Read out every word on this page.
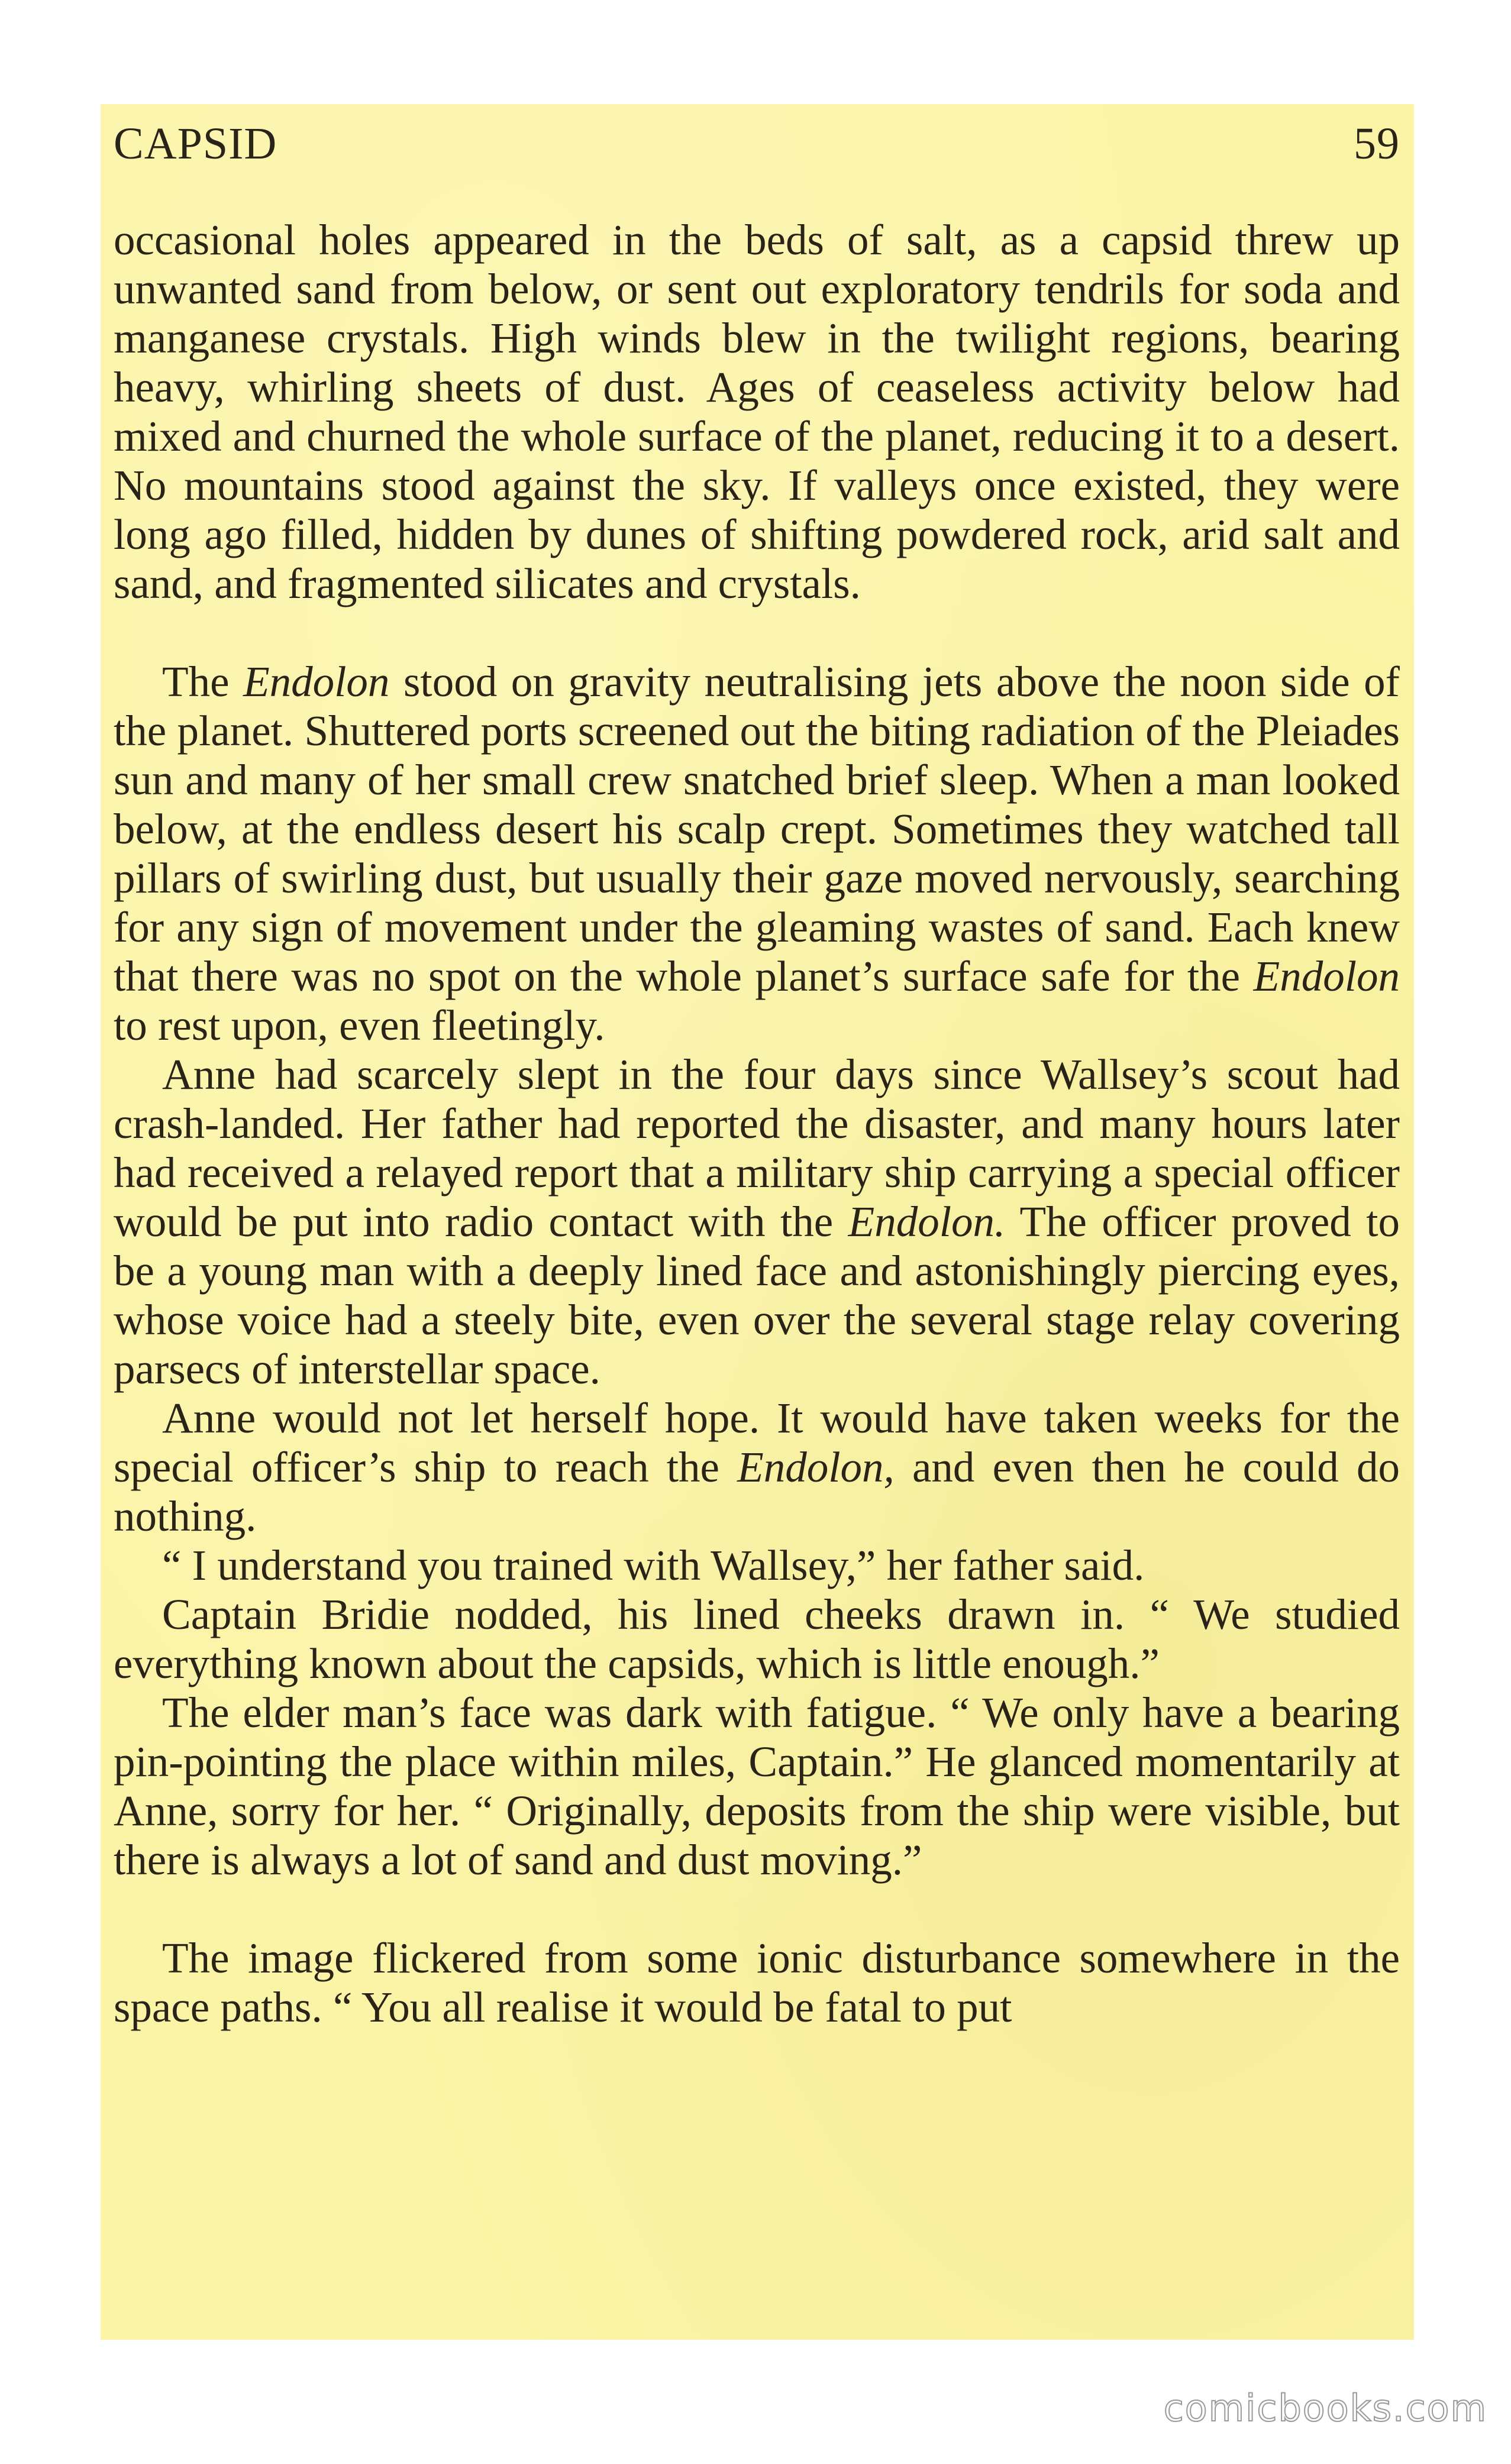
CAPSID	59

occasional holes appeared in the beds of salt, as a capsid threw up unwanted sand from below, or sent out exploratory tendrils for soda and manganese crystals. High winds blew in the twilight regions, bearing heavy, whirling sheets of dust. Ages of ceaseless activity below had mixed and churned the whole surface of the planet, reducing it to a desert. No mountains stood against the sky. If valleys once existed, they were long ago filled, hidden by dunes of shifting powdered rock, arid salt and sand, and fragmented silicates and crystals.

The Endolon stood on gravity neutralising jets above the noon side of the planet. Shuttered ports screened out the biting radiation of the Pleiades sun and many of her small crew snatched brief sleep. When a man looked below, at the endless desert his scalp crept. Sometimes they watched tall pillars of swirling dust, but usually their gaze moved nervously, searching for any sign of movement under the gleaming wastes of sand. Each knew that there was no spot on the whole planet’s surface safe for the Endolon to rest upon, even fleetingly.

Anne had scarcely slept in the four days since Wallsey’s scout had crash-landed. Her father had reported the disaster, and many hours later had received a relayed report that a military ship carrying a special officer would be put into radio contact with the Endolon. The officer proved to be a young man with a deeply lined face and astonishingly piercing eyes, whose voice had a steely bite, even over the several stage relay covering parsecs of interstellar space.

Anne would not let herself hope. It would have taken weeks for the special officer’s ship to reach the Endolon, and even then he could do nothing.

“ I understand you trained with Wallsey,” her father said.

Captain Bridie nodded, his lined cheeks drawn in. “ We studied everything known about the capsids, which is little enough.”

The elder man’s face was dark with fatigue. “ We only have a bearing pin-pointing the place within miles, Captain.” He glanced momentarily at Anne, sorry for her. “ Originally, deposits from the ship were visible, but there is always a lot of sand and dust moving.”

The image flickered from some ionic disturbance somewhere in the space paths. “ You all realise it would be fatal to put

comicbooks.com
